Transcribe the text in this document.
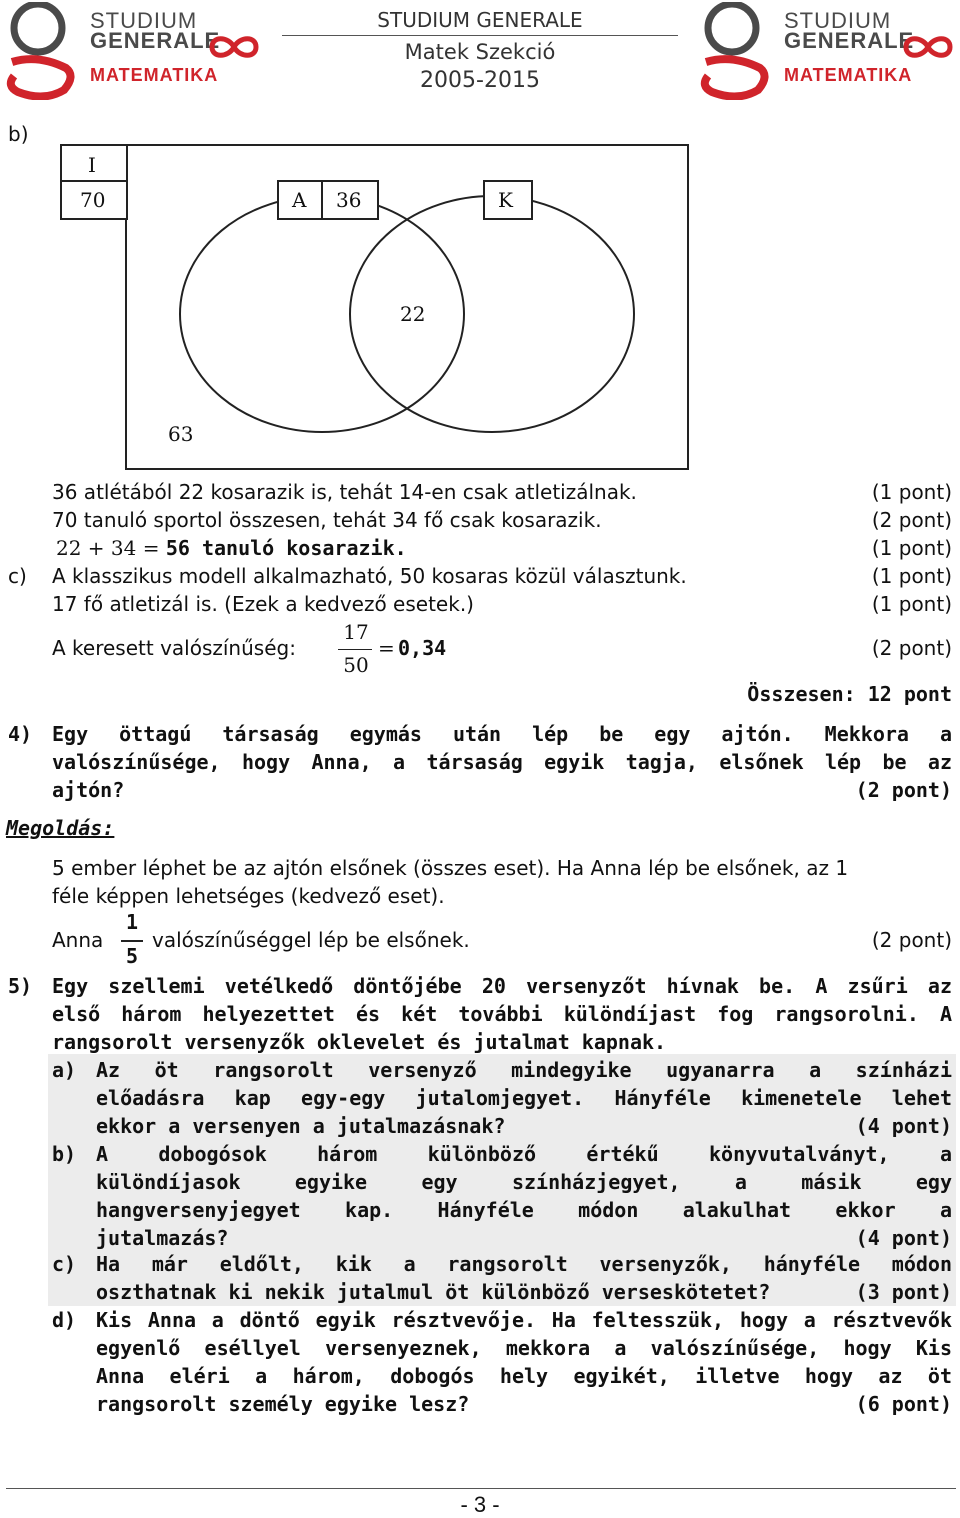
STUDIUM
GENERALE
MATEMATIKA
STUDIUM GENERALE
Matek Szekció
2005-2015
STUDIUM
GENERALE
MATEMATIKA
b)
I
70	A 36	K
22
63
36 atlétából 22 kosarazik is, tehát 14-en csak atletizálnak.	(1 pont)
70 tanuló sportol összesen, tehát 34 fő csak kosarazik.	(2 pont)
22 + 34 = 56 tanuló kosarazik.	(1 pont)
c) A klasszikus modell alkalmazható, 50 kosaras közül választunk.	(1 pont)
17 fő atletizál is. (Ezek a kedvező esetek.)	(1 pont)
A keresett valószínűség:
17
50
= 0,34	(2 pont)
Összesen: 12 pont
4) Egy öttagú társaság egymás után lép be egy ajtón. Mekkora a
valószínűsége, hogy Anna, a társaság egyik tagja, elsőnek lép be az
ajtón?	(2 pont)
Megoldás:
5 ember léphet be az ajtón elsőnek (összes eset). Ha Anna lép be elsőnek, az 1
féle képpen lehetséges (kedvező eset).
Anna
1
5
valószínűséggel lép be elsőnek.	(2 pont)
5) Egy szellemi vetélkedő döntőjébe 20 versenyzőt hívnak be. A zsűri az
első három helyezettet és két további különdíjast fog rangsorolni. A
rangsorolt versenyzők oklevelet és jutalmat kapnak.
a) Az öt rangsorolt versenyző mindegyike ugyanarra a színházi
előadásra kap egy-egy jutalomjegyet. Hányféle kimenetele lehet
ekkor a versenyen a jutalmazásnak?	(4 pont)
b) A dobogósok három különböző értékű könyvutalványt, a
különdíjasok egyike egy színházjegyet, a másik egy
hangversenyjegyet kap. Hányféle módon alakulhat ekkor a
jutalmazás?	(4 pont)
c) Ha már eldőlt, kik a rangsorolt versenyzők, hányféle módon
oszthatnak ki nekik jutalmul öt különböző verseskötetet?	(3 pont)
d) Kis Anna a döntő egyik résztvevője. Ha feltesszük, hogy a résztvevők
egyenlő eséllyel versenyeznek, mekkora a valószínűsége, hogy Kis
Anna eléri a három, dobogós hely egyikét, illetve hogy az öt
rangsorolt személy egyike lesz?	(6 pont)
- 3 -
